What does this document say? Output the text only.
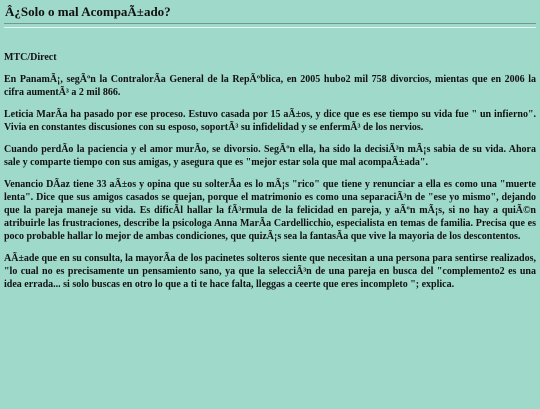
Â¿Solo o mal AcompaÃ±ado?
MTC/Direct

En PanamÃ¡, segÃºn la ContralorÃa General de la RepÃºblica, en 2005 hubo2 mil 758 divorcios, mientas que en 2006 la cifra aumentÃ³ a 2 mil 866.

Leticia MarÃa ha pasado por ese proceso. Estuvo casada por 15 aÃ±os, y dice que es ese tiempo su vida fue " un infierno". Vivia en constantes discusiones con su esposo, soportÃ³ su infidelidad y se enfermÃ³ de los nervios.

Cuando perdÃo la paciencia y el amor murÃo, se divorsio. SegÃºn ella, ha sido la decisiÃ³n mÃ¡s sabia de su vida. Ahora sale y comparte tiempo con sus amigas, y asegura que es "mejor estar sola que mal acompaÃ±ada".

Venancio DÃaz tiene 33 aÃ±os y opina que su solterÃa es lo mÃ¡s "rico" que tiene y renunciar a ella es como una "muerte lenta". Dice que sus amigos casados se quejan, porque el matrimonio es como una separaciÃ³n de "ese yo mismo", dejando que la pareja maneje su vida. Es dificÃl hallar la fÃ³rmula de la felicidad en pareja, y aÃºn mÃ¡s, si no hay a quiÃ©n atribuirle las frustraciones, describe la psicologa Anna MarÃa Cardellicchio, especialista en temas de familia. Precisa que es poco probable hallar lo mejor de ambas condiciones, que quizÃ¡s sea la fantasÃa que vive la mayoria de los descontentos.

AÃ±ade que en su consulta, la mayorÃa de los pacinetes solteros siente que necesitan a una persona para sentirse realizados, "lo cual no es precisamente un pensamiento sano, ya que la selecciÃ³n de una pareja en busca del "complemento2 es una idea errada... si solo buscas en otro lo que a ti te hace falta, lleggas a ceerte que eres incompleto "; explica.
